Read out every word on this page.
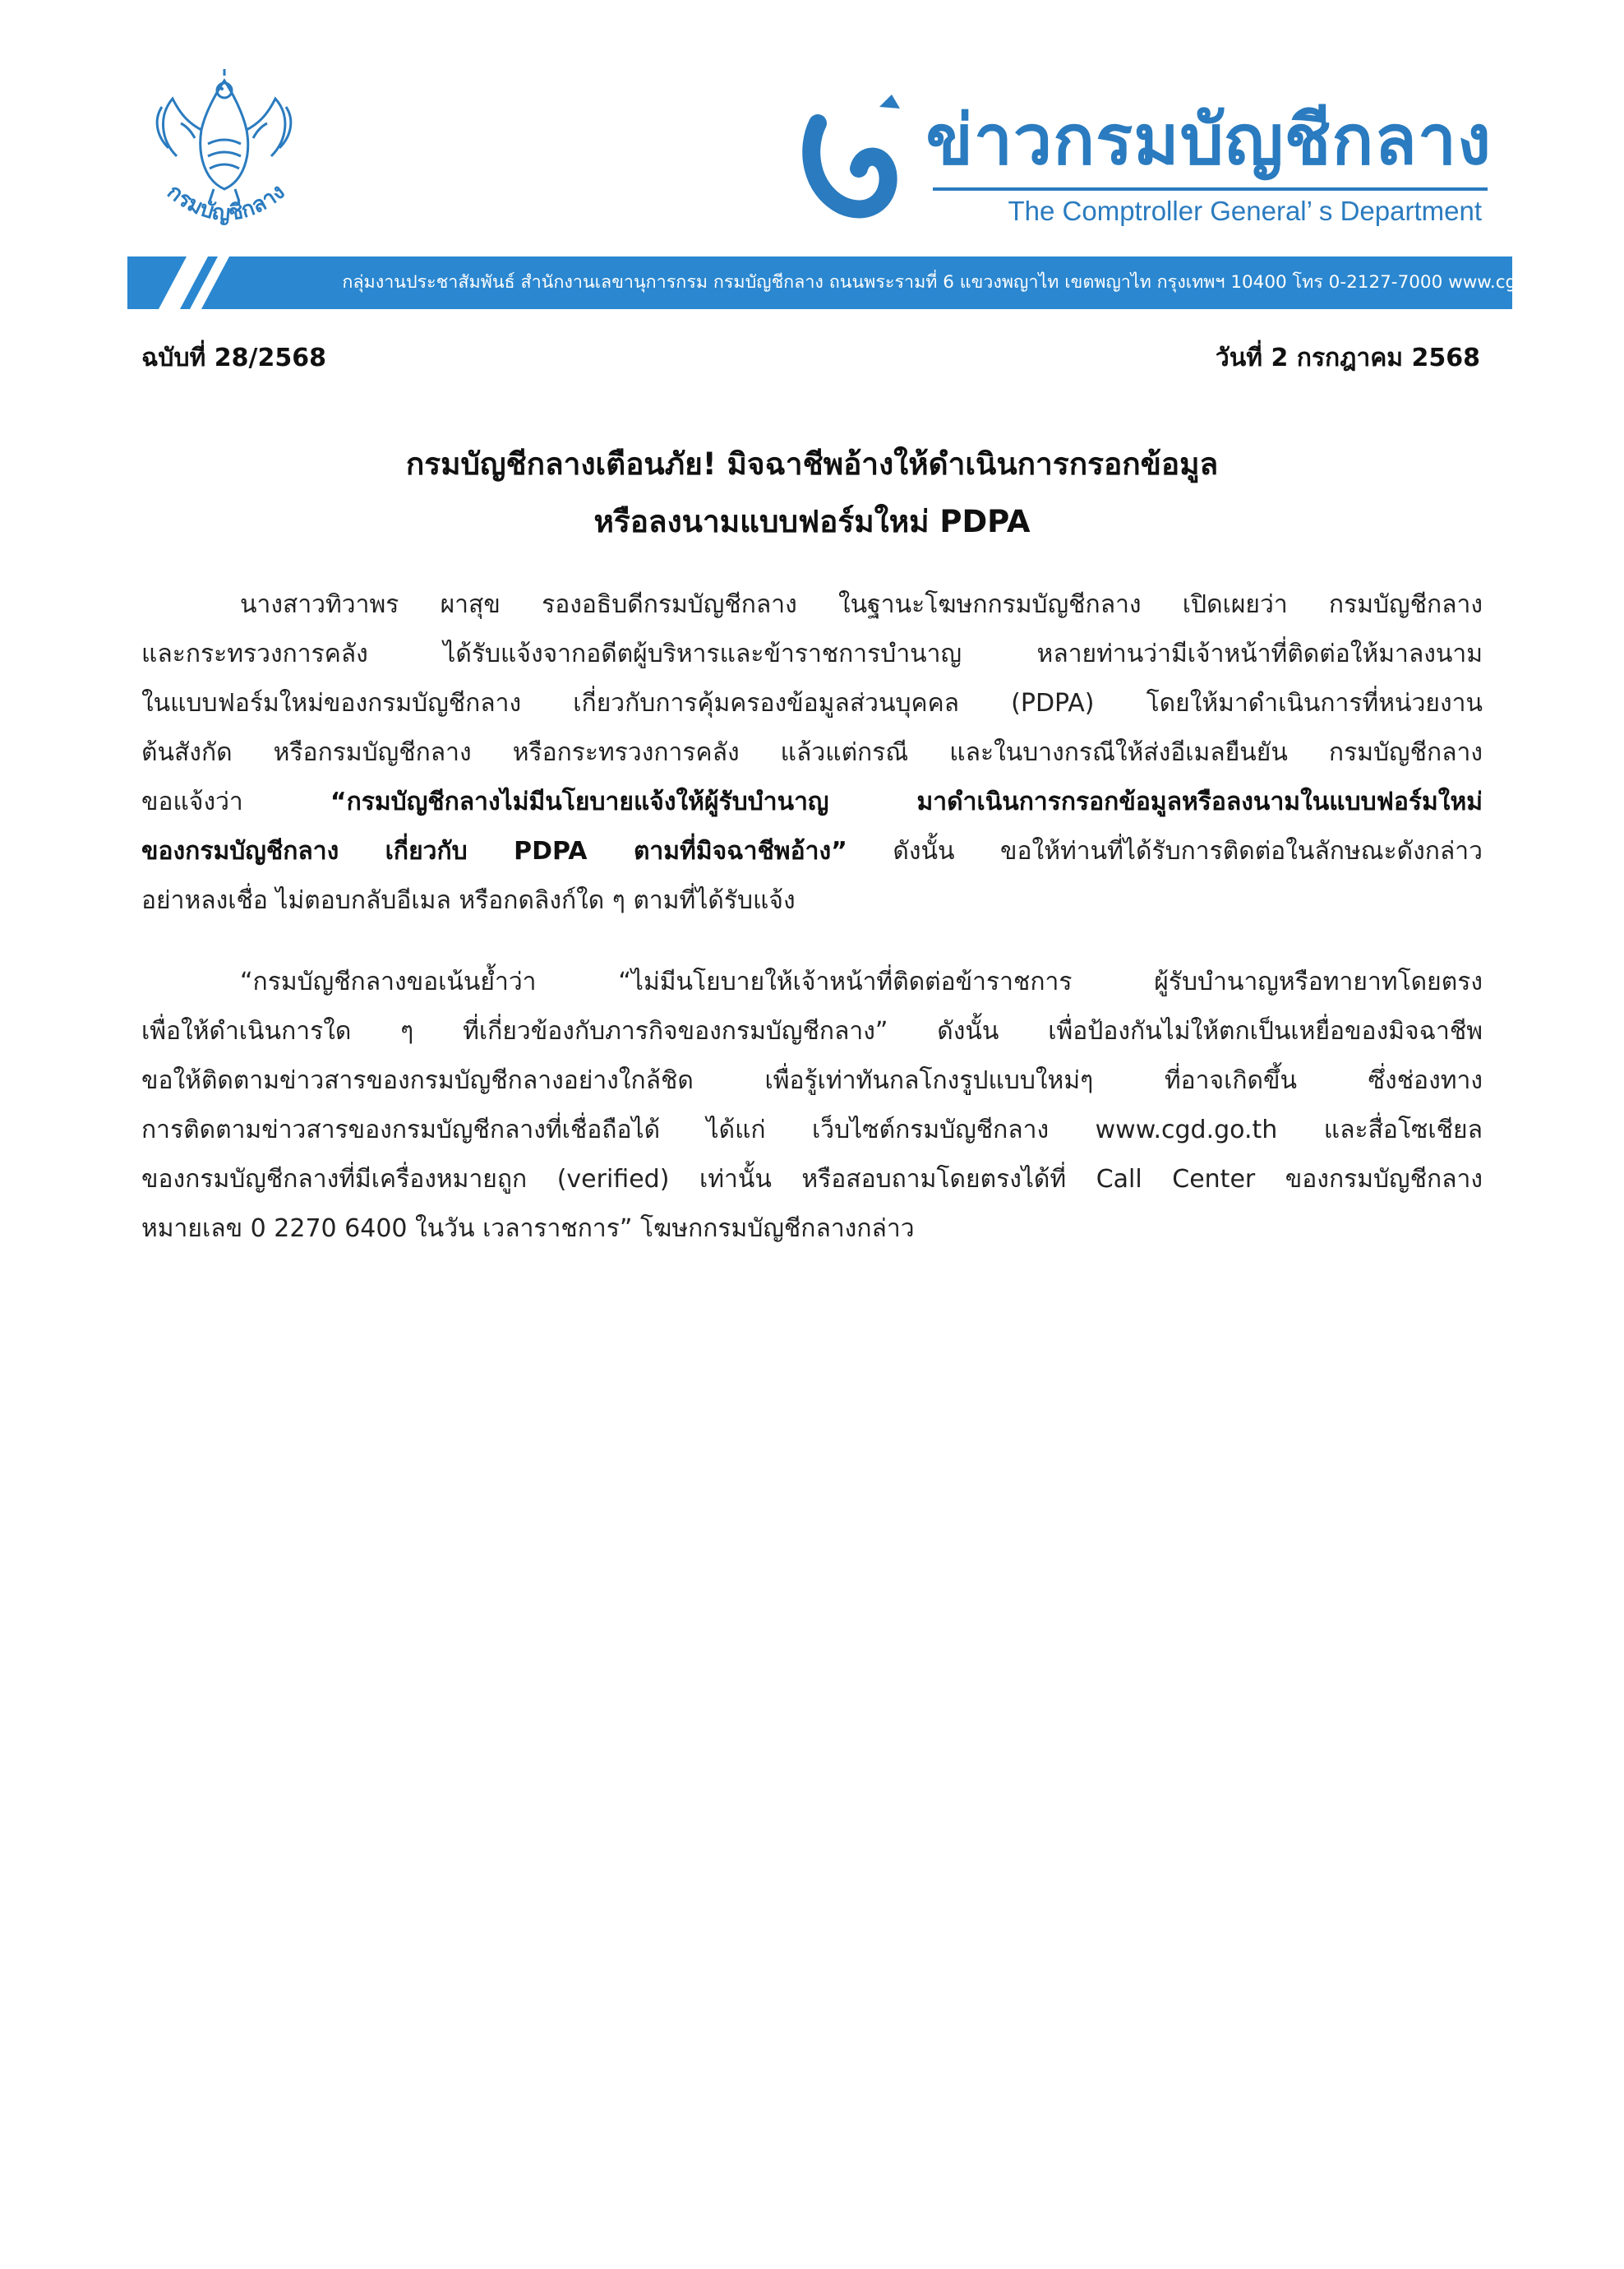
กรมบัญชีกลาง
ข่าวกรมบัญชีกลาง
The Comptroller General’ s Department
กลุ่มงานประชาสัมพันธ์ สำนักงานเลขานุการกรม กรมบัญชีกลาง ถนนพระรามที่ 6 แขวงพญาไท เขตพญาไท กรุงเทพฯ 10400 โทร 0-2127-7000 www.cgd.go.th
ฉบับที่ 28/2568	วันที่ 2 กรกฎาคม 2568
กรมบัญชีกลางเตือนภัย! มิจฉาชีพอ้างให้ดำเนินการกรอกข้อมูล
หรือลงนามแบบฟอร์มใหม่ PDPA
นางสาวทิวาพร ผาสุข รองอธิบดีกรมบัญชีกลาง ในฐานะโฆษกกรมบัญชีกลาง เปิดเผยว่า กรมบัญชีกลาง
และกระทรวงการคลัง ได้รับแจ้งจากอดีตผู้บริหารและข้าราชการบำนาญ หลายท่านว่ามีเจ้าหน้าที่ติดต่อให้มาลงนาม
ในแบบฟอร์มใหม่ของกรมบัญชีกลาง เกี่ยวกับการคุ้มครองข้อมูลส่วนบุคคล (PDPA) โดยให้มาดำเนินการที่หน่วยงาน
ต้นสังกัด หรือกรมบัญชีกลาง หรือกระทรวงการคลัง แล้วแต่กรณี และในบางกรณีให้ส่งอีเมลยืนยัน กรมบัญชีกลาง
ขอแจ้งว่า “กรมบัญชีกลางไม่มีนโยบายแจ้งให้ผู้รับบำนาญ มาดำเนินการกรอกข้อมูลหรือลงนามในแบบฟอร์มใหม่
ของกรมบัญชีกลาง เกี่ยวกับ PDPA ตามที่มิจฉาชีพอ้าง” ดังนั้น ขอให้ท่านที่ได้รับการติดต่อในลักษณะดังกล่าว
อย่าหลงเชื่อ ไม่ตอบกลับอีเมล หรือกดลิงก์ใด ๆ ตามที่ได้รับแจ้ง
“กรมบัญชีกลางขอเน้นย้ำว่า “ไม่มีนโยบายให้เจ้าหน้าที่ติดต่อข้าราชการ ผู้รับบำนาญหรือทายาทโดยตรง
เพื่อให้ดำเนินการใด ๆ ที่เกี่ยวข้องกับภารกิจของกรมบัญชีกลาง” ดังนั้น เพื่อป้องกันไม่ให้ตกเป็นเหยื่อของมิจฉาชีพ
ขอให้ติดตามข่าวสารของกรมบัญชีกลางอย่างใกล้ชิด เพื่อรู้เท่าทันกลโกงรูปแบบใหม่ๆ ที่อาจเกิดขึ้น ซึ่งช่องทาง
การติดตามข่าวสารของกรมบัญชีกลางที่เชื่อถือได้ ได้แก่ เว็บไซต์กรมบัญชีกลาง www.cgd.go.th และสื่อโซเชียล
ของกรมบัญชีกลางที่มีเครื่องหมายถูก (verified) เท่านั้น หรือสอบถามโดยตรงได้ที่ Call Center ของกรมบัญชีกลาง
หมายเลข 0 2270 6400 ในวัน เวลาราชการ” โฆษกกรมบัญชีกลางกล่าว
